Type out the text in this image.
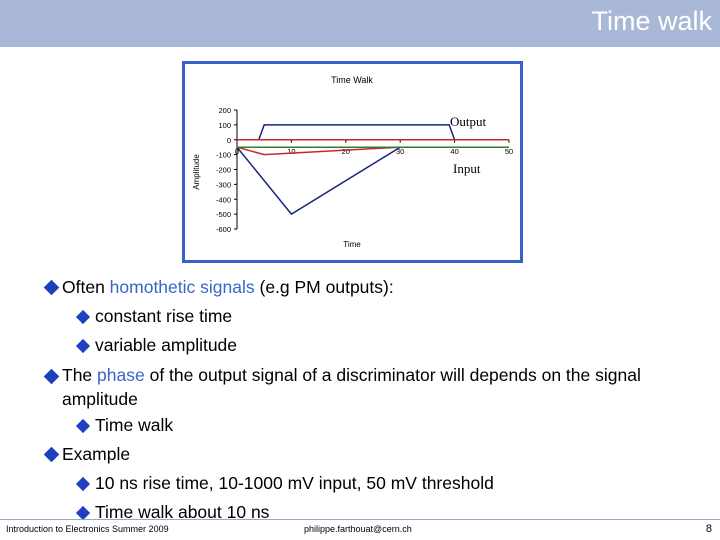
Time walk
Time Walk
200
100
0
-100
-200
-300
-400
-500
-600
0	10	20	30	40	50
Time
Amplitude
Output
Input
Often homothetic signals (e.g PM outputs):
constant rise time
variable amplitude
The phase of the output signal of a discriminator will depends on the signal amplitude
Time walk
Example
10 ns rise time, 10-1000 mV input, 50 mV threshold
Time walk about 10 ns
Introduction to Electronics Summer 2009	philippe.farthouat@cern.ch	8
